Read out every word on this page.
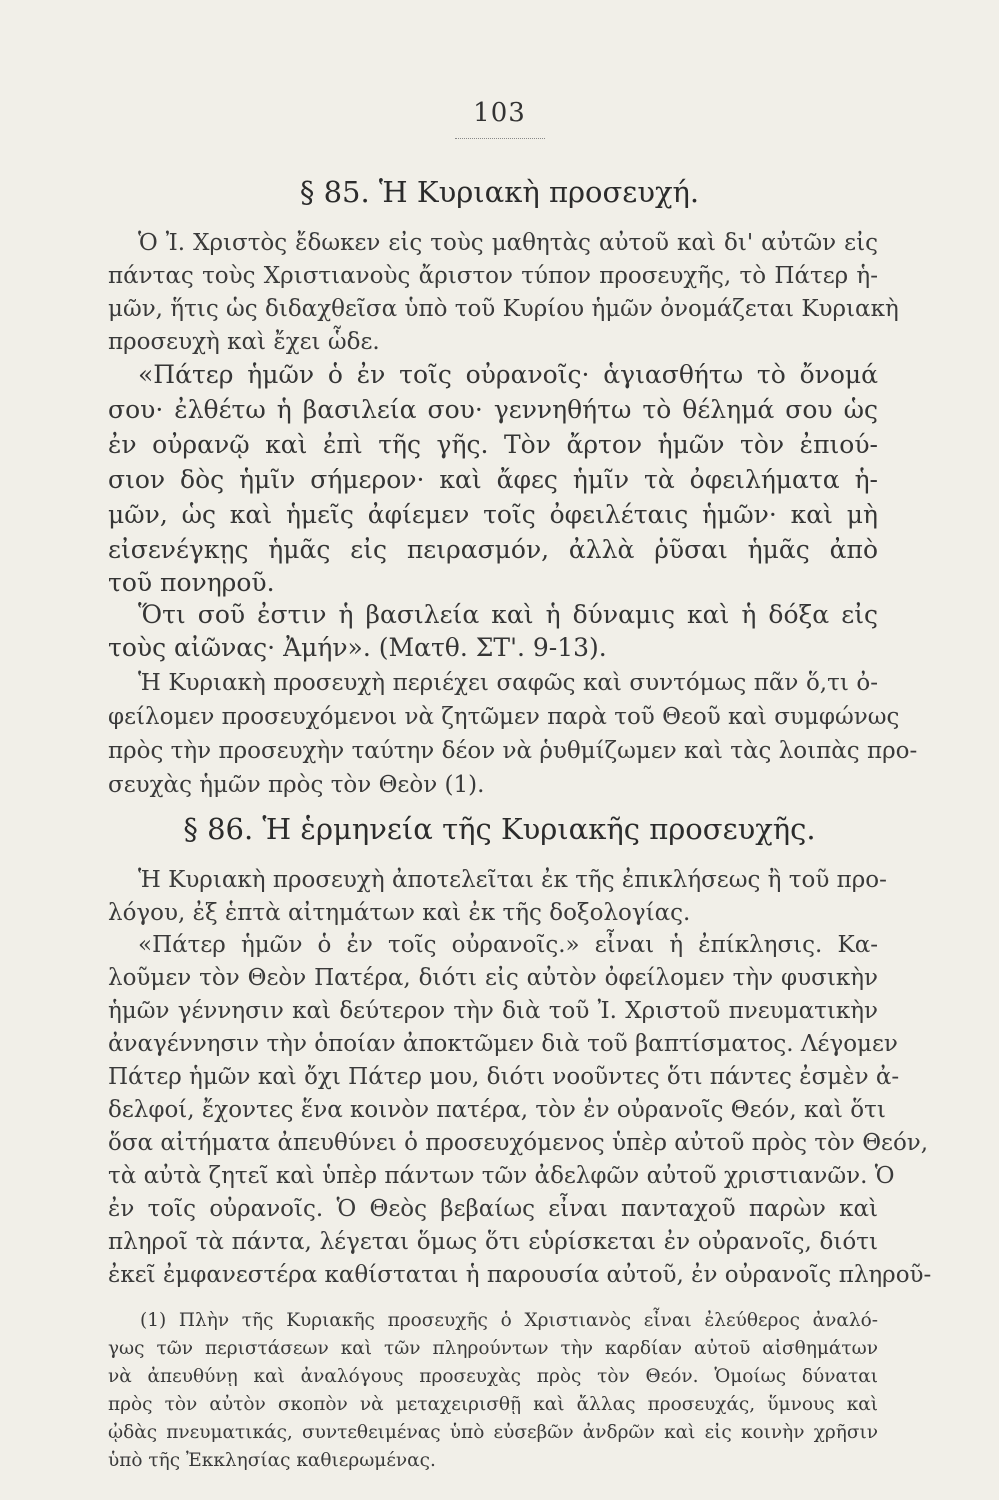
103
§ 85. Ἡ Κυριακὴ προσευχή.
Ὁ Ἰ. Χριστὸς ἔδωκεν εἰς τοὺς μαθητὰς αὐτοῦ καὶ δι' αὐτῶν εἰς
πάντας τοὺς Χριστιανοὺς ἄριστον τύπον προσευχῆς, τὸ Πάτερ ἡ-
μῶν, ἥτις ὡς διδαχθεῖσα ὑπὸ τοῦ Κυρίου ἡμῶν ὀνομάζεται Κυριακὴ
προσευχὴ καὶ ἔχει ὧδε.
«Πάτερ ἡμῶν ὁ ἐν τοῖς οὐρανοῖς· ἁγιασθήτω τὸ ὄνομά
σου· ἐλθέτω ἡ βασιλεία σου· γεννηθήτω τὸ θέλημά σου ὡς
ἐν οὐρανῷ καὶ ἐπὶ τῆς γῆς. Τὸν ἄρτον ἡμῶν τὸν ἐπιού-
σιον δὸς ἡμῖν σήμερον· καὶ ἄφες ἡμῖν τὰ ὀφειλήματα ἡ-
μῶν, ὡς καὶ ἡμεῖς ἀφίεμεν τοῖς ὀφειλέταις ἡμῶν· καὶ μὴ
εἰσενέγκῃς ἡμᾶς εἰς πειρασμόν, ἀλλὰ ῥῦσαι ἡμᾶς ἀπὸ
τοῦ πονηροῦ.
Ὅτι σοῦ ἐστιν ἡ βασιλεία καὶ ἡ δύναμις καὶ ἡ δόξα εἰς
τοὺς αἰῶνας· Ἀμήν». (Ματθ. ΣΤ'. 9-13).
Ἡ Κυριακὴ προσευχὴ περιέχει σαφῶς καὶ συντόμως πᾶν ὅ,τι ὀ-
φείλομεν προσευχόμενοι νὰ ζητῶμεν παρὰ τοῦ Θεοῦ καὶ συμφώνως
πρὸς τὴν προσευχὴν ταύτην δέον νὰ ῥυθμίζωμεν καὶ τὰς λοιπὰς προ-
σευχὰς ἡμῶν πρὸς τὸν Θεὸν (1).
§ 86. Ἡ ἑρμηνεία τῆς Κυριακῆς προσευχῆς.
Ἡ Κυριακὴ προσευχὴ ἀποτελεῖται ἐκ τῆς ἐπικλήσεως ἢ τοῦ προ-
λόγου, ἐξ ἑπτὰ αἰτημάτων καὶ ἐκ τῆς δοξολογίας.
«Πάτερ ἡμῶν ὁ ἐν τοῖς οὐρανοῖς.» εἶναι ἡ ἐπίκλησις. Κα-
λοῦμεν τὸν Θεὸν Πατέρα, διότι εἰς αὐτὸν ὀφείλομεν τὴν φυσικὴν
ἡμῶν γέννησιν καὶ δεύτερον τὴν διὰ τοῦ Ἰ. Χριστοῦ πνευματικὴν
ἀναγέννησιν τὴν ὁποίαν ἀποκτῶμεν διὰ τοῦ βαπτίσματος. Λέγομεν
Πάτερ ἡμῶν καὶ ὄχι Πάτερ μου, διότι νοοῦντες ὅτι πάντες ἐσμὲν ἀ-
δελφοί, ἔχοντες ἕνα κοινὸν πατέρα, τὸν ἐν οὐρανοῖς Θεόν, καὶ ὅτι
ὅσα αἰτήματα ἀπευθύνει ὁ προσευχόμενος ὑπὲρ αὐτοῦ πρὸς τὸν Θεόν,
τὰ αὐτὰ ζητεῖ καὶ ὑπὲρ πάντων τῶν ἀδελφῶν αὐτοῦ χριστιανῶν. Ὁ
ἐν τοῖς οὐρανοῖς. Ὁ Θεὸς βεβαίως εἶναι πανταχοῦ παρὼν καὶ
πληροῖ τὰ πάντα, λέγεται ὅμως ὅτι εὑρίσκεται ἐν οὐρανοῖς, διότι
ἐκεῖ ἐμφανεστέρα καθίσταται ἡ παρουσία αὐτοῦ, ἐν οὐρανοῖς πληροῦ-
(1) Πλὴν τῆς Κυριακῆς προσευχῆς ὁ Χριστιανὸς εἶναι ἐλεύθερος ἀναλό-
γως τῶν περιστάσεων καὶ τῶν πληρούντων τὴν καρδίαν αὐτοῦ αἰσθημάτων
νὰ ἀπευθύνῃ καὶ ἀναλόγους προσευχὰς πρὸς τὸν Θεόν. Ὁμοίως δύναται
πρὸς τὸν αὐτὸν σκοπὸν νὰ μεταχειρισθῇ καὶ ἄλλας προσευχάς, ὕμνους καὶ
ᾠδὰς πνευματικάς, συντεθειμένας ὑπὸ εὐσεβῶν ἀνδρῶν καὶ εἰς κοινὴν χρῆσιν
ὑπὸ τῆς Ἐκκλησίας καθιερωμένας.
